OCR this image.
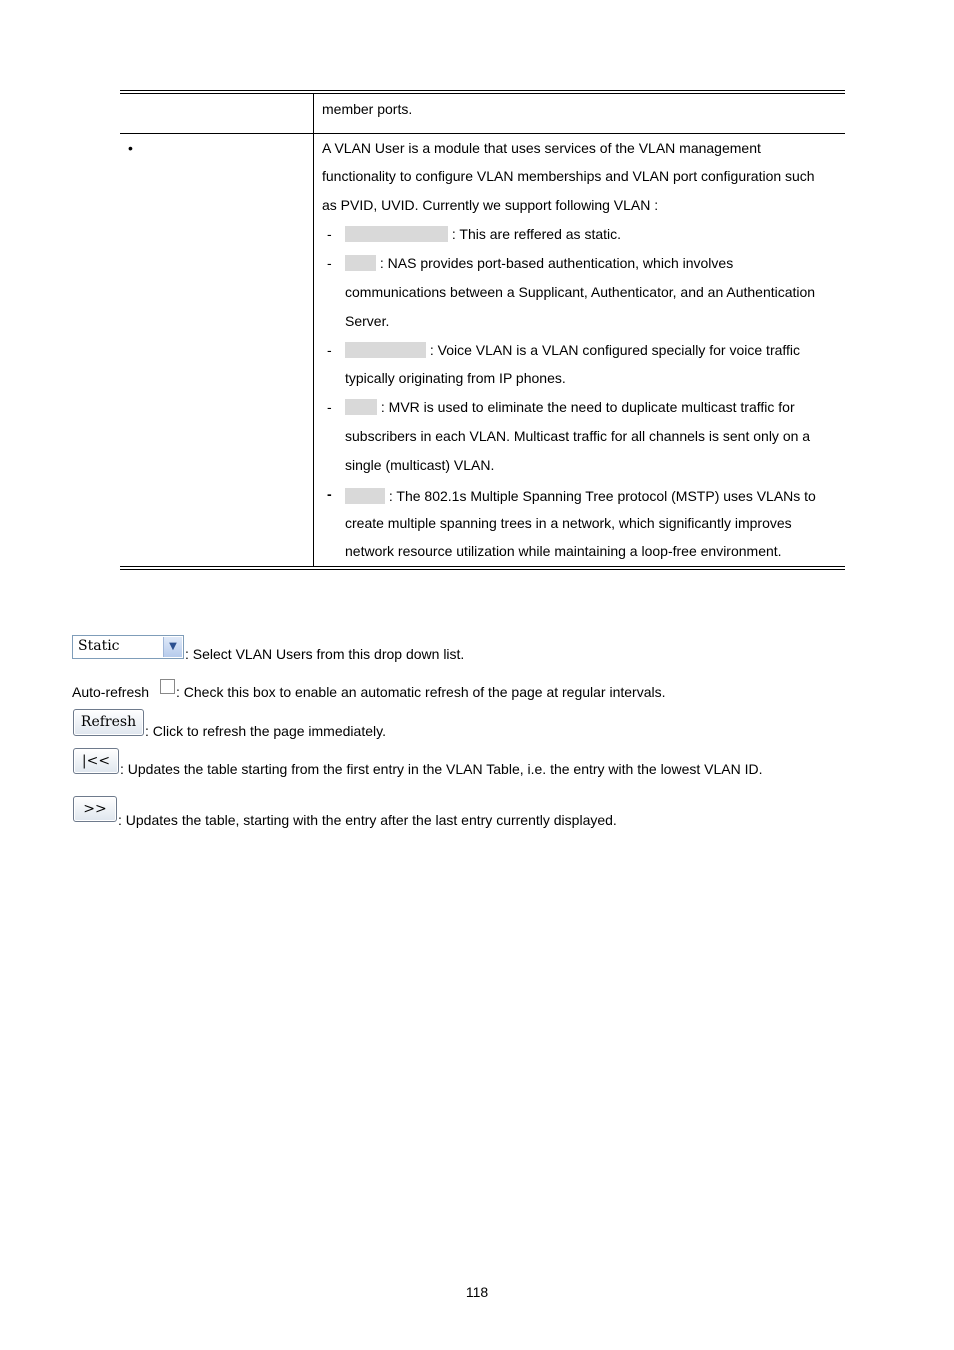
member ports.
•	A VLAN User is a module that uses services of the VLAN management
functionality to configure VLAN memberships and VLAN port configuration such
as PVID, UVID. Currently we support following VLAN :
-	: This are reffered as static.
-	: NAS provides port-based authentication, which involves
communications between a Supplicant, Authenticator, and an Authentication
Server.
-	: Voice VLAN is a VLAN configured specially for voice traffic
typically originating from IP phones.
-	: MVR is used to eliminate the need to duplicate multicast traffic for
subscribers in each VLAN. Multicast traffic for all channels is sent only on a
single (multicast) VLAN.
-	: The 802.1s Multiple Spanning Tree protocol (MSTP) uses VLANs to
create multiple spanning trees in a network, which significantly improves
network resource utilization while maintaining a loop-free environment.
Static	▼ : Select VLAN Users from this drop down list.
Auto-refresh : Check this box to enable an automatic refresh of the page at regular intervals.
Refresh
: Click to refresh the page immediately.
|<< : Updates the table starting from the first entry in the VLAN Table, i.e. the entry with the lowest VLAN ID.
>>
: Updates the table, starting with the entry after the last entry currently displayed.
118
